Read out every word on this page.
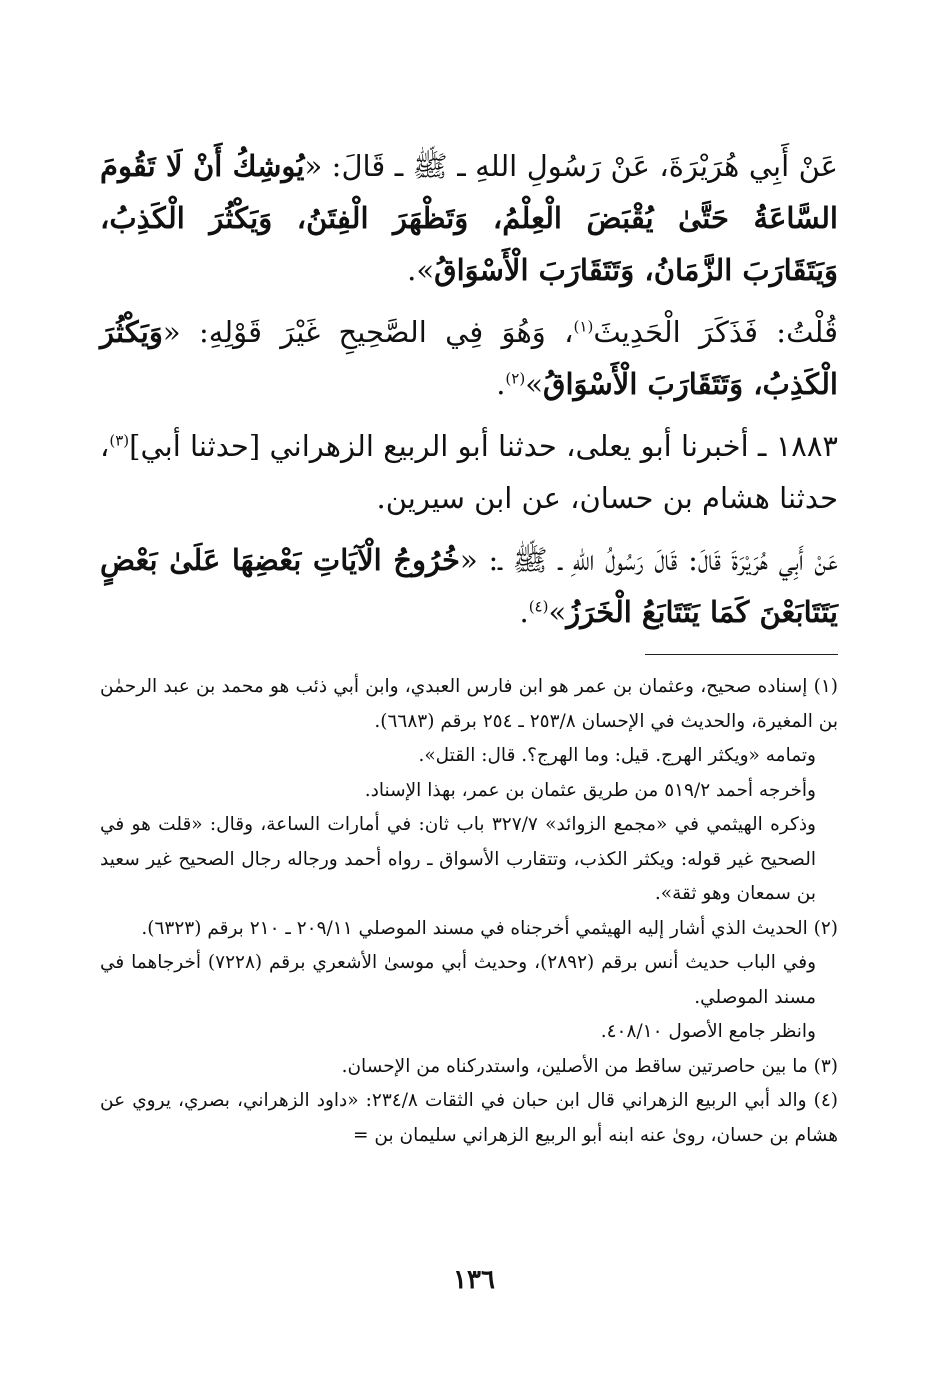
عَنْ أَبِي هُرَيْرَةَ، عَنْ رَسُولِ اللهِ ـ ﷺ ـ قَالَ: «يُوشِكُ أَنْ لَا تَقُومَ السَّاعَةُ حَتَّىٰ يُقْبَضَ الْعِلْمُ، وَتَظْهَرَ الْفِتَنُ، وَيَكْثُرَ الْكَذِبُ، وَيَتَقَارَبَ الزَّمَانُ، وَتَتَقَارَبَ الْأَسْوَاقُ».

قُلْتُ: فَذَكَرَ الْحَدِيثَ$^{(١)}$، وَهُوَ فِي الصَّحِيحِ غَيْرَ قَوْلِهِ: «وَيَكْثُرَ الْكَذِبُ، وَتَتَقَارَبَ الْأَسْوَاقُ»$^{(٢)}$.

١٨٨٣ ـ أخبرنا أبو يعلى، حدثنا أبو الربيع الزهراني [حدثنا أبي]$^{(٣)}$، حدثنا هشام بن حسان، عن ابن سيرين.

عَنْ أَبِي هُرَيْرَةَ قَالَ: قَالَ رَسُولُ اللهِ ـ ﷺ ـ: «خُرُوجُ الْآيَاتِ بَعْضِهَا عَلَىٰ بَعْضٍ يَتَتَابَعْنَ كَمَا يَتَتَابَعُ الْخَرَزُ»$^{(٤)}$.

(١) إسناده صحيح، وعثمان بن عمر هو ابن فارس العبدي، وابن أبي ذئب هو محمد بن عبد الرحمٰن بن المغيرة، والحديث في الإحسان ٢٥٣/٨ ـ ٢٥٤ برقم (٦٦٨٣).

وتمامه «ويكثر الهرج. قيل: وما الهرج؟. قال: القتل».

وأخرجه أحمد ٥١٩/٢ من طريق عثمان بن عمر، بهذا الإسناد.

وذكره الهيثمي في «مجمع الزوائد» ٣٢٧/٧ باب ثان: في أمارات الساعة، وقال: «قلت هو في الصحيح غير قوله: ويكثر الكذب، وتتقارب الأسواق ـ رواه أحمد ورجاله رجال الصحيح غير سعيد بن سمعان وهو ثقة».

(٢) الحديث الذي أشار إليه الهيثمي أخرجناه في مسند الموصلي ٢٠٩/١١ ـ ٢١٠ برقم (٦٣٢٣).

وفي الباب حديث أنس برقم (٢٨٩٢)، وحديث أبي موسىٰ الأشعري برقم (٧٢٢٨) أخرجاهما في مسند الموصلي.

وانظر جامع الأصول ٤٠٨/١٠.

(٣) ما بين حاصرتين ساقط من الأصلين، واستدركناه من الإحسان.

(٤) والد أبي الربيع الزهراني قال ابن حبان في الثقات ٢٣٤/٨: «داود الزهراني، بصري، يروي عن هشام بن حسان، روىٰ عنه ابنه أبو الربيع الزهراني سليمان بن =

١٣٦
